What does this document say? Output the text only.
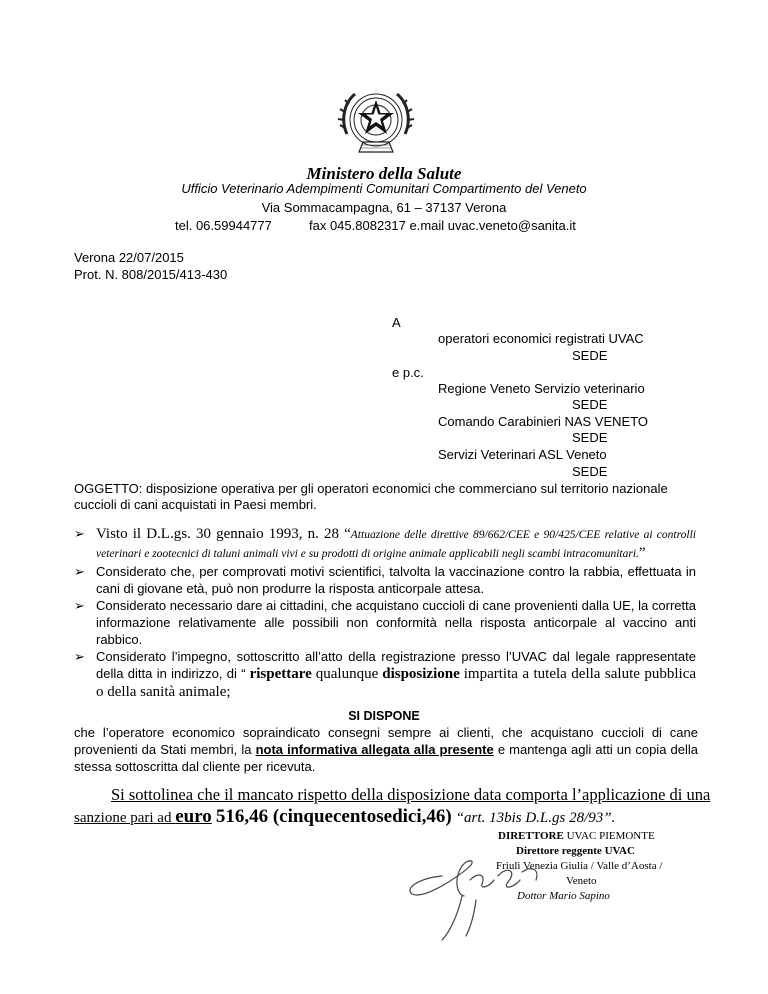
Ministero della Salute
Ufficio Veterinario Adempimenti Comunitari Compartimento del Veneto
Via Sommacampagna, 61 – 37137 Verona
tel. 06.59944777	fax 045.8082317 e.mail uvac.veneto@sanita.it
Verona 22/07/2015
Prot. N. 808/2015/413-430
A
operatori economici registrati UVAC
SEDE
e p.c.
Regione Veneto Servizio veterinario
SEDE
Comando Carabinieri NAS VENETO
SEDE
Servizi Veterinari ASL Veneto
SEDE
OGGETTO: disposizione operativa per gli operatori economici che commerciano sul territorio nazionale cuccioli di cani acquistati in Paesi membri.
➢ Visto il D.L.gs. 30 gennaio 1993, n. 28 “Attuazione delle direttive 89/662/CEE e 90/425/CEE relative ai controlli veterinari e zootecnici di taluni animali vivi e su prodotti di origine animale applicabili negli scambi intracomunitari.”
➢ Considerato che, per comprovati motivi scientifici, talvolta la vaccinazione contro la rabbia, effettuata in cani di giovane età, può non produrre la risposta anticorpale attesa.
➢ Considerato necessario dare ai cittadini, che acquistano cuccioli di cane provenienti dalla UE, la corretta informazione relativamente alle possibili non conformità nella risposta anticorpale al vaccino anti rabbico.
➢ Considerato l’impegno, sottoscritto all’atto della registrazione presso l’UVAC dal legale rappresentate della ditta in indirizzo, di “ rispettare qualunque disposizione impartita a tutela della salute pubblica o della sanità animale;
SI DISPONE
che l’operatore economico sopraindicato consegni sempre ai clienti, che acquistano cuccioli di cane provenienti da Stati membri, la nota informativa allegata alla presente e mantenga agli atti un copia della stessa sottoscritta dal cliente per ricevuta.
Si sottolinea che il mancato rispetto della disposizione data comporta l’applicazione di una
sanzione pari ad euro 516,46 (cinquecentosedici,46) “art. 13bis D.L.gs 28/93”.
DIRETTORE UVAC PIEMONTE
Direttore reggente UVAC
Friuli Venezia Giulia / Valle d’Aosta /
Veneto
Dottor Mario Sapino
